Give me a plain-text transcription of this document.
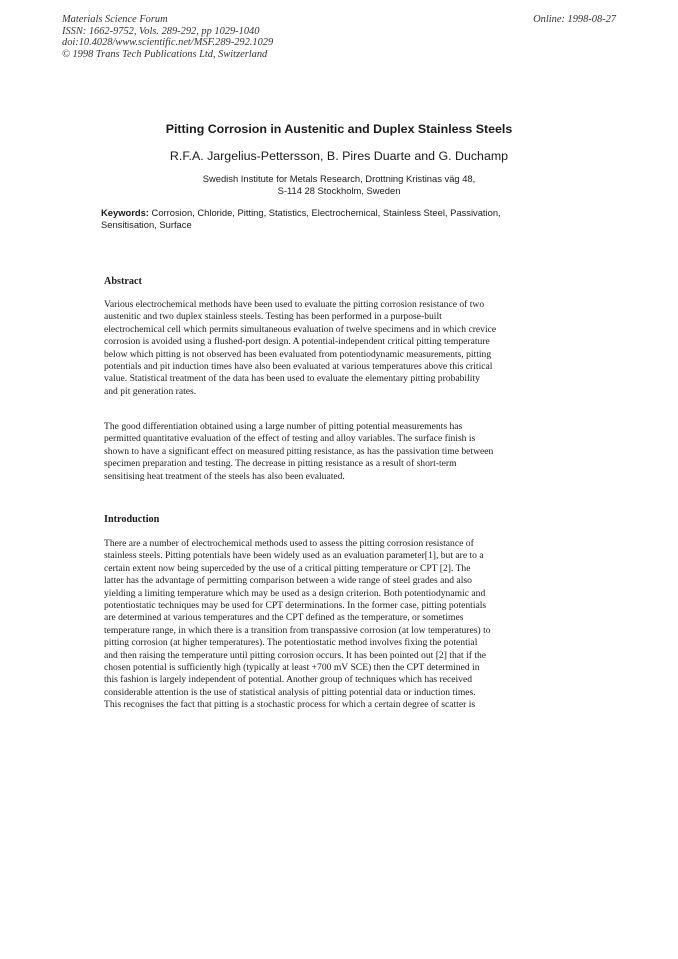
Materials Science Forum
ISSN: 1662-9752, Vols. 289-292, pp 1029-1040
doi:10.4028/www.scientific.net/MSF.289-292.1029
© 1998 Trans Tech Publications Ltd, Switzerland
Online: 1998-08-27
Pitting Corrosion in Austenitic and Duplex Stainless Steels
R.F.A. Jargelius-Pettersson, B. Pires Duarte and G. Duchamp
Swedish Institute for Metals Research, Drottning Kristinas väg 48,
S-114 28 Stockholm, Sweden
Keywords: Corrosion, Chloride, Pitting, Statistics, Electrochemical, Stainless Steel, Passivation,
Sensitisation, Surface
Abstract
Various electrochemical methods have been used to evaluate the pitting corrosion resistance of two
austenitic and two duplex stainless steels. Testing has been performed in a purpose-built
electrochemical cell which permits simultaneous evaluation of twelve specimens and in which crevice
corrosion is avoided using a flushed-port design. A potential-independent critical pitting temperature
below which pitting is not observed has been evaluated from potentiodynamic measurements, pitting
potentials and pit induction times have also been evaluated at various temperatures above this critical
value. Statistical treatment of the data has been used to evaluate the elementary pitting probability
and pit generation rates.
The good differentiation obtained using a large number of pitting potential measurements has
permitted quantitative evaluation of the effect of testing and alloy variables. The surface finish is
shown to have a significant effect on measured pitting resistance, as has the passivation time between
specimen preparation and testing. The decrease in pitting resistance as a result of short-term
sensitising heat treatment of the steels has also been evaluated.
Introduction
There are a number of electrochemical methods used to assess the pitting corrosion resistance of
stainless steels. Pitting potentials have been widely used as an evaluation parameter[1], but are to a
certain extent now being superceded by the use of a critical pitting temperature or CPT [2]. The
latter has the advantage of permitting comparison between a wide range of steel grades and also
yielding a limiting temperature which may be used as a design criterion. Both potentiodynamic and
potentiostatic techniques may be used for CPT determinations. In the former case, pitting potentials
are determined at various temperatures and the CPT defined as the temperature, or sometimes
temperature range, in which there is a transition from transpassive corrosion (at low temperatures) to
pitting corrosion (at higher temperatures). The potentiostatic method involves fixing the potential
and then raising the temperature until pitting corrosion occurs. It has been pointed out [2] that if the
chosen potential is sufficiently high (typically at least +700 mV SCE) then the CPT determined in
this fashion is largely independent of potential. Another group of techniques which has received
considerable attention is the use of statistical analysis of pitting potential data or induction times.
This recognises the fact that pitting is a stochastic process for which a certain degree of scatter is
